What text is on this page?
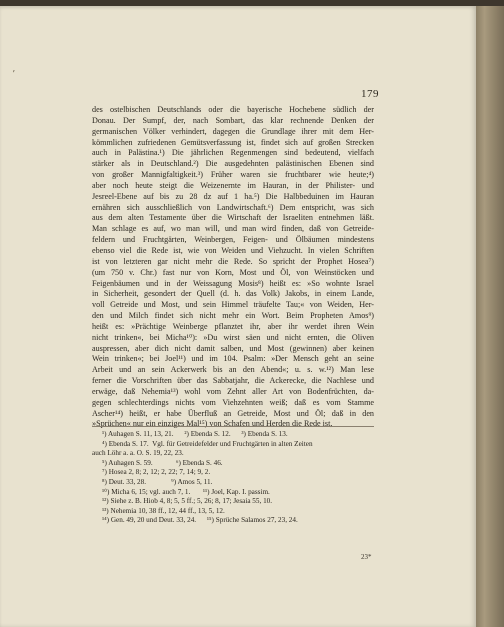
ʼ
179
des ostelbischen Deutschlands oder die bayerische Hochebene südlich der
Donau. Der Sumpf, der, nach Sombart, das klar rechnende Denken der
germanischen Völker verhindert, dagegen die Grundlage ihrer mit dem Her-
kömmlichen zufriedenen Gemütsverfassung ist, findet sich auf großen Strecken
auch in Palästina.¹) Die jährlichen Regenmengen sind bedeutend, vielfach
stärker als in Deutschland.²) Die ausgedehnten palästinischen Ebenen sind
von großer Mannigfaltigkeit.³) Früher waren sie fruchtbarer wie heute;⁴)
aber noch heute steigt die Weizenernte im Hauran, in der Philister- und
Jesreel-Ebene auf bis zu 28 dz auf 1 ha.⁵) Die Halbbeduinen im Hauran
ernähren sich ausschließlich von Landwirtschaft.⁶) Dem entspricht, was sich
aus dem alten Testamente über die Wirtschaft der Israeliten entnehmen läßt.
Man schlage es auf, wo man will, und man wird finden, daß von Getreide-
feldern und Fruchtgärten, Weinbergen, Feigen- und Ölbäumen mindestens
ebenso viel die Rede ist, wie von Weiden und Viehzucht. In vielen Schriften
ist von letzteren gar nicht mehr die Rede. So spricht der Prophet Hosea⁷)
(um 750 v. Chr.) fast nur von Korn, Most und Öl, von Weinstöcken und
Feigenbäumen und in der Weissagung Mosis⁸) heißt es: »So wohnte Israel
in Sicherheit, gesondert der Quell (d. h. das Volk) Jakobs, in einem Lande,
voll Getreide und Most, und sein Himmel träufelte Tau;« von Weiden, Her-
den und Milch findet sich nicht mehr ein Wort. Beim Propheten Amos⁹)
heißt es: »Prächtige Weinberge pflanztet ihr, aber ihr werdet ihren Wein
nicht trinken«, bei Micha¹⁰): »Du wirst säen und nicht ernten, die Oliven
auspressen, aber dich nicht damit salben, und Most (gewinnen) aber keinen
Wein trinken«; bei Joel¹¹) und im 104. Psalm: »Der Mensch geht an seine
Arbeit und an sein Ackerwerk bis an den Abend«; u. s. w.¹²) Man lese
ferner die Vorschriften über das Sabbatjahr, die Ackerecke, die Nachlese und
erwäge, daß Nehemia¹³) wohl vom Zehnt aller Art von Bodenfrüchten, da-
gegen schlechterdings nichts vom Viehzehnten weiß; daß es vom Stamme
Ascher¹⁴) heißt, er habe Überfluß an Getreide, Most und Öl; daß in den
»Sprüchen« nur ein einziges Mal¹⁵) von Schafen und Herden die Rede ist,
¹) Auhagen S. 11, 13, 21.      ²) Ebenda S. 12.      ³) Ebenda S. 13.
⁴) Ebenda S. 17.  Vgl. für Getreidefelder und Fruchtgärten in alten Zeiten
auch Löhr a. a. O. S. 19, 22, 23.
⁵) Auhagen S. 59.             ⁶) Ebenda S. 46.
⁷) Hosea 2, 8; 2, 12; 2, 22; 7, 14; 9, 2.
⁸) Deut. 33, 28.              ⁹) Amos 5, 11.
¹⁰) Micha 6, 15; vgl. auch 7, 1.       ¹¹) Joel, Kap. I. passim.
¹²) Siehe z. B. Hiob 4, 8; 5, 5 ff.; 5, 26; 8, 17; Jesaia 55, 10.
¹³) Nehemia 10, 38 ff., 12, 44 ff., 13, 5, 12.
¹⁴) Gen. 49, 20 und Deut. 33, 24.      ¹⁵) Sprüche Salamos 27, 23, 24.
23*
